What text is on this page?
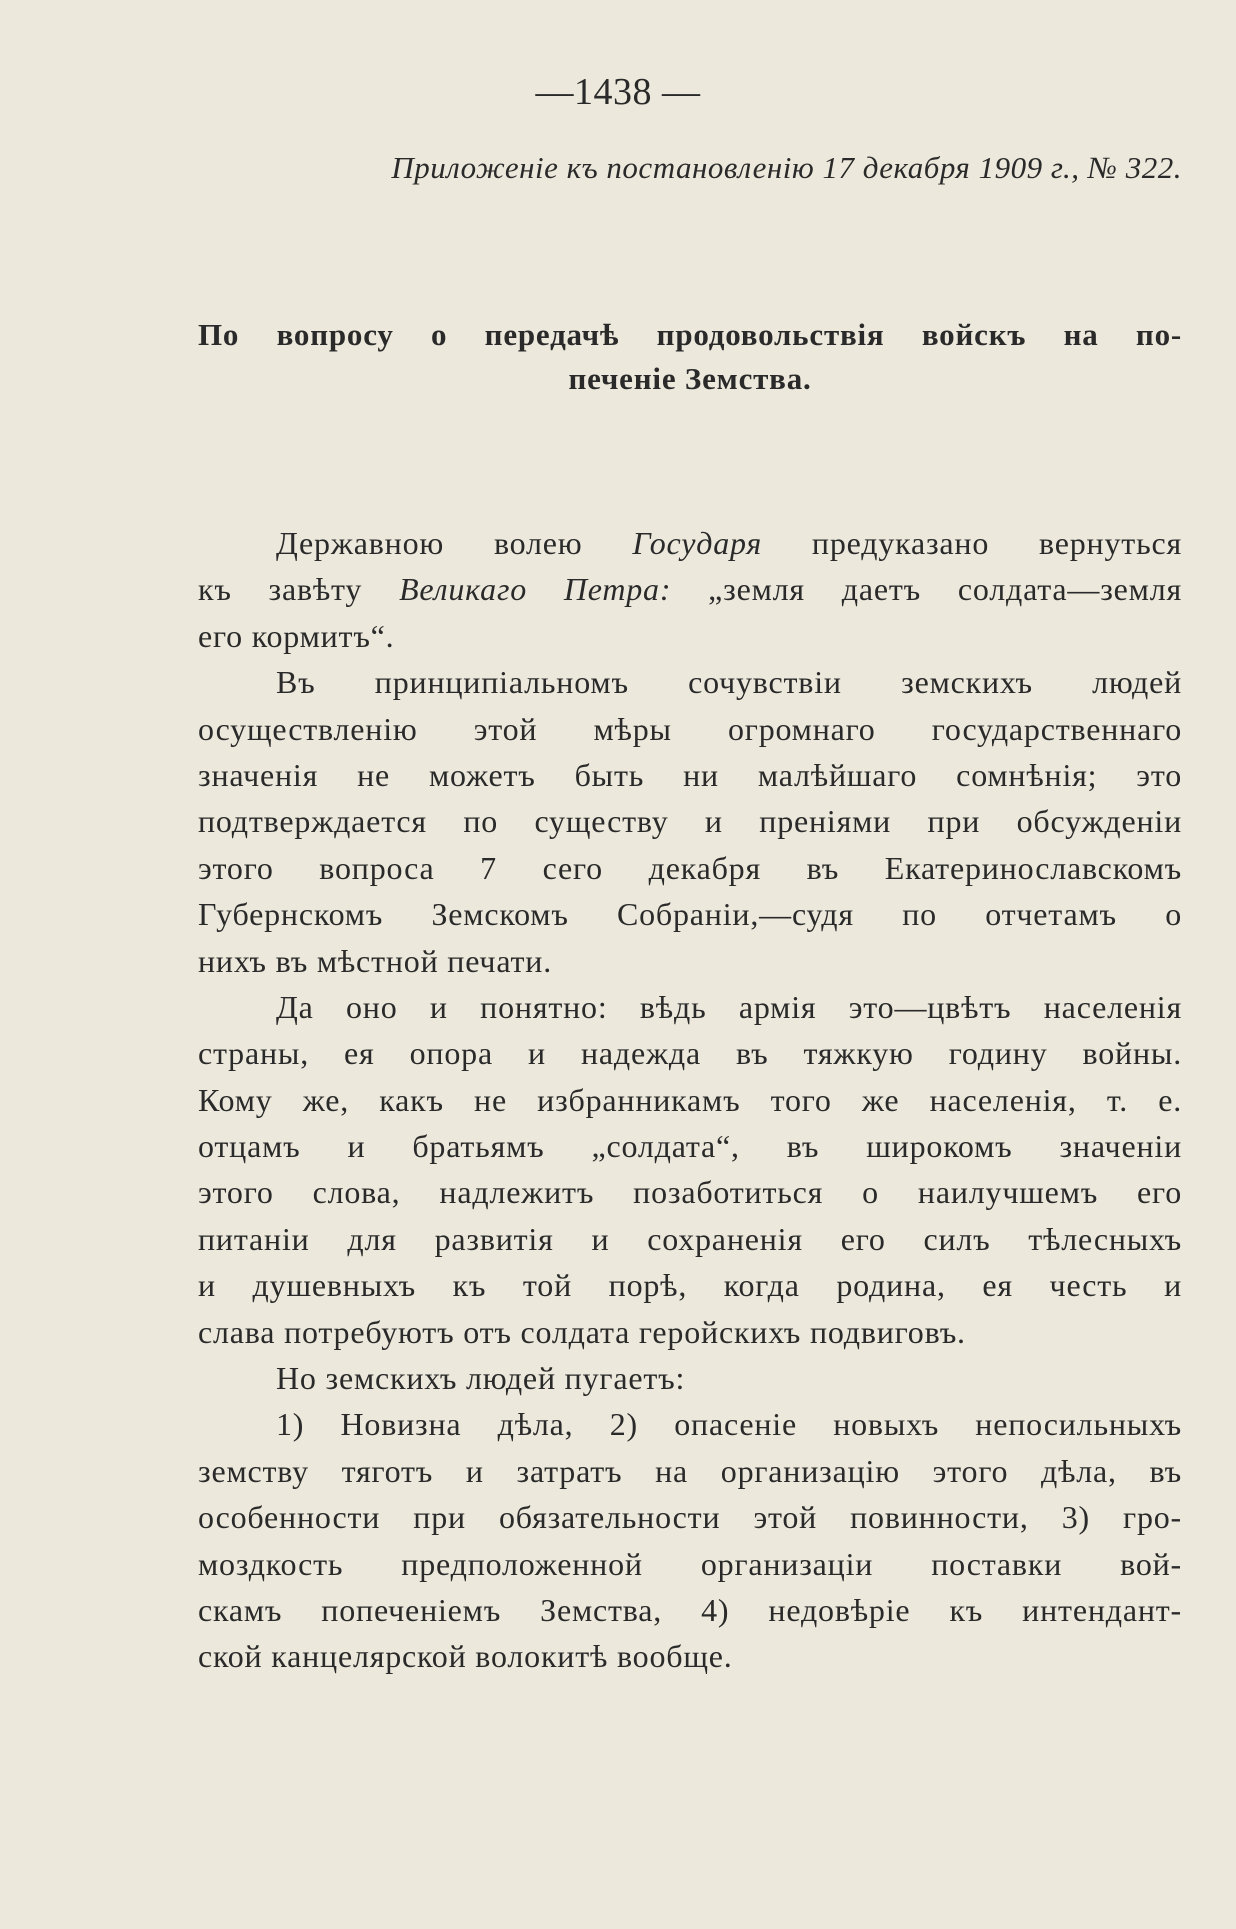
—1438 —
Приложеніе къ постановленію 17 декабря 1909 г., № 322.
По вопросу о передачѣ продовольствія войскъ на по-
печеніе Земства.
Державною волею Государя предуказано вернуться
къ завѣту Великаго Петра: „земля даетъ солдата—земля
его кормитъ“.
Въ принципіальномъ сочувствіи земскихъ людей
осуществленію этой мѣры огромнаго государственнаго
значенія не можетъ быть ни малѣйшаго сомнѣнія; это
подтверждается по существу и преніями при обсужденіи
этого вопроса 7 сего декабря въ Екатеринославскомъ
Губернскомъ Земскомъ Собраніи,—судя по отчетамъ о
нихъ въ мѣстной печати.
Да оно и понятно: вѣдь армія это—цвѣтъ населенія
страны, ея опора и надежда въ тяжкую годину войны.
Кому же, какъ не избранникамъ того же населенія, т. е.
отцамъ и братьямъ „солдата“, въ широкомъ значеніи
этого слова, надлежитъ позаботиться о наилучшемъ его
питаніи для развитія и сохраненія его силъ тѣлесныхъ
и душевныхъ къ той порѣ, когда родина, ея честь и
слава потребуютъ отъ солдата геройскихъ подвиговъ.
Но земскихъ людей пугаетъ:
1) Новизна дѣла, 2) опасеніе новыхъ непосильныхъ
земству тяготъ и затратъ на организацію этого дѣла, въ
особенности при обязательности этой повинности, 3) гро-
моздкость предположенной организаціи поставки вой-
скамъ попеченіемъ Земства, 4) недовѣріе къ интендант-
ской канцелярской волокитѣ вообще.
